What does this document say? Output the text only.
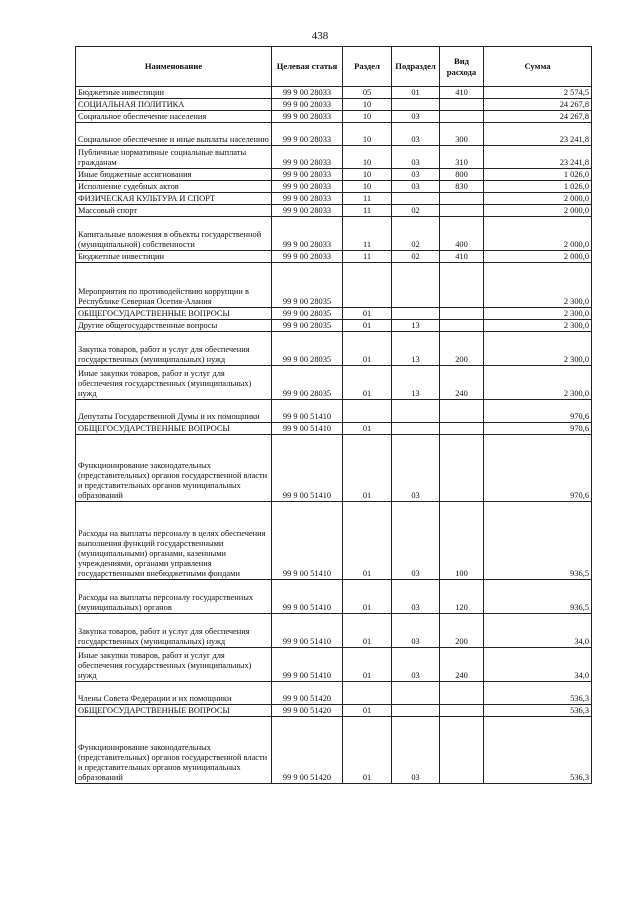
438
Наименование	Целевая статья	Раздел	Подраздел	Вид расхода	Сумма
Бюджетные инвестиции	99 9 00 28033	05	01	410	2 574,5
СОЦИАЛЬНАЯ ПОЛИТИКА	99 9 00 28033	10			24 267,8
Социальное обеспечение населения	99 9 00 28033	10	03		24 267,8
Социальное обеспечение и иные выплаты населению	99 9 00 28033	10	03	300	23 241,8
Публичные нормативные социальные выплаты гражданам	99 9 00 28033	10	03	310	23 241,8
Иные бюджетные ассигнования	99 9 00 28033	10	03	800	1 026,0
Исполнение судебных актов	99 9 00 28033	10	03	830	1 026,0
ФИЗИЧЕСКАЯ КУЛЬТУРА И СПОРТ	99 9 00 28033	11			2 000,0
Массовый спорт	99 9 00 28033	11	02		2 000,0
Капитальные вложения в объекты государственной (муниципальной) собственности	99 9 00 28033	11	02	400	2 000,0
Бюджетные инвестиции	99 9 00 28033	11	02	410	2 000,0
Мероприятия по противодействию коррупции в Республике Северная Осетия-Алания	99 9 00 28035				2 300,0
ОБЩЕГОСУДАРСТВЕННЫЕ ВОПРОСЫ	99 9 00 28035	01			2 300,0
Другие общегосударственные вопросы	99 9 00 28035	01	13		2 300,0
Закупка товаров, работ и услуг для обеспечения государственных (муниципальных) нужд	99 9 00 28035	01	13	200	2 300,0
Иные закупки товаров, работ и услуг для обеспечения государственных (муниципальных) нужд	99 9 00 28035	01	13	240	2 300,0
Депутаты Государственной Думы и их помощники	99 9 00 51410				970,6
ОБЩЕГОСУДАРСТВЕННЫЕ ВОПРОСЫ	99 9 00 51410	01			970,6
Функционирование законодательных (представительных) органов государственной власти и представительных органов муниципальных образований	99 9 00 51410	01	03		970,6
Расходы на выплаты персоналу в целях обеспечения выполнения функций государственными (муниципальными) органами, казенными учреждениями, органами управления государственными внебюджетными фондами	99 9 00 51410	01	03	100	936,5
Расходы на выплаты персоналу государственных (муниципальных) органов	99 9 00 51410	01	03	120	936,5
Закупка товаров, работ и услуг для обеспечения государственных (муниципальных) нужд	99 9 00 51410	01	03	200	34,0
Иные закупки товаров, работ и услуг для обеспечения государственных (муниципальных) нужд	99 9 00 51410	01	03	240	34,0
Члены Совета Федерации и их помощники	99 9 00 51420				536,3
ОБЩЕГОСУДАРСТВЕННЫЕ ВОПРОСЫ	99 9 00 51420	01			536,3
Функционирование законодательных (представительных) органов государственной власти и представительных органов муниципальных образований	99 9 00 51420	01	03		536,3
